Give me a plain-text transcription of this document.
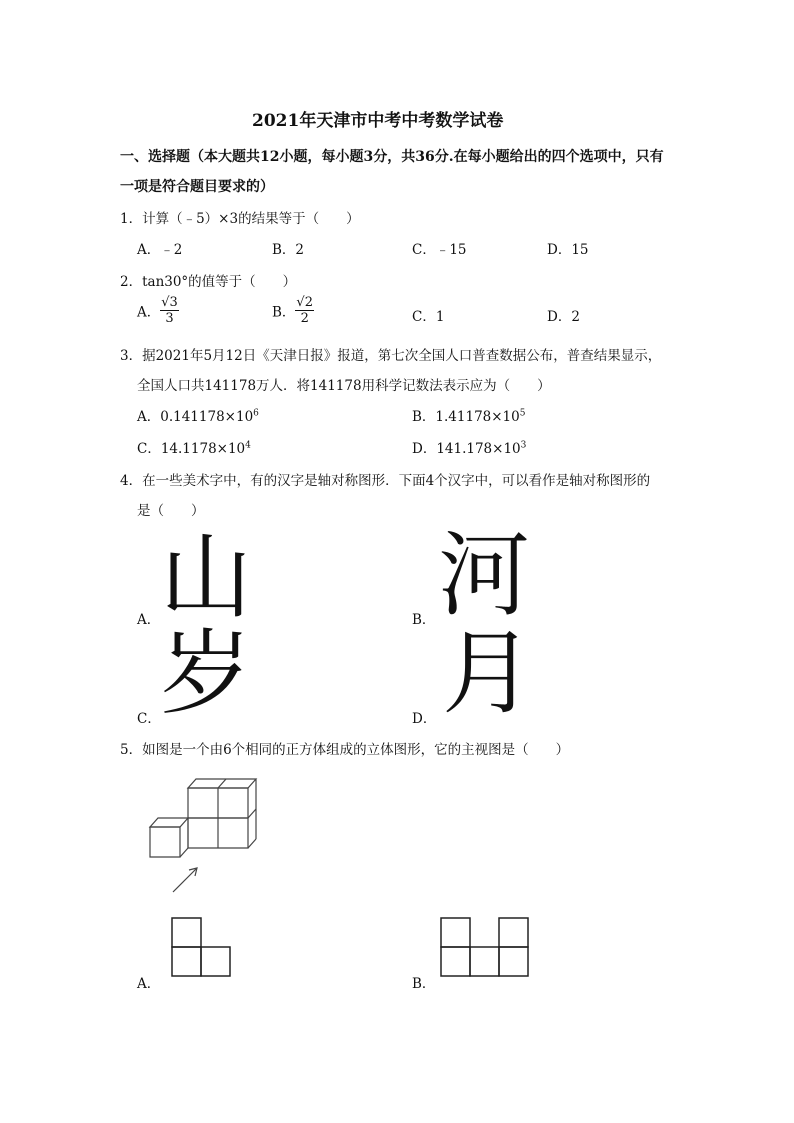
2021年天津市中考中考数学试卷
一、选择题（本大题共12小题，每小题3分，共36分.在每小题给出的四个选项中，只有
一项是符合题目要求的）
1．计算（﹣5）×3的结果等于（　　）
A．﹣2	B．2	C．﹣15	D．15
2．tan30°的值等于（　　）
A． $\frac{√3}{3}$	B． $\frac{√2}{2}$	C．1	D．2
3．据2021年5月12日《天津日报》报道，第七次全国人口普查数据公布，普查结果显示，
全国人口共141178万人．将141178用科学记数法表示应为（　　）
A．$0.141178\times 10^6$	B．$1.41178\times 10^5$
C．$14.1178\times 10^4$	D．$141.178\times 10^3$
4．在一些美术字中，有的汉字是轴对称图形．下面4个汉字中，可以看作是轴对称图形的
是（　　）
A． 山	B． 河
C． 岁	D． 月
5．如图是一个由6个相同的正方体组成的立体图形，它的主视图是（　　）
A．	B．
